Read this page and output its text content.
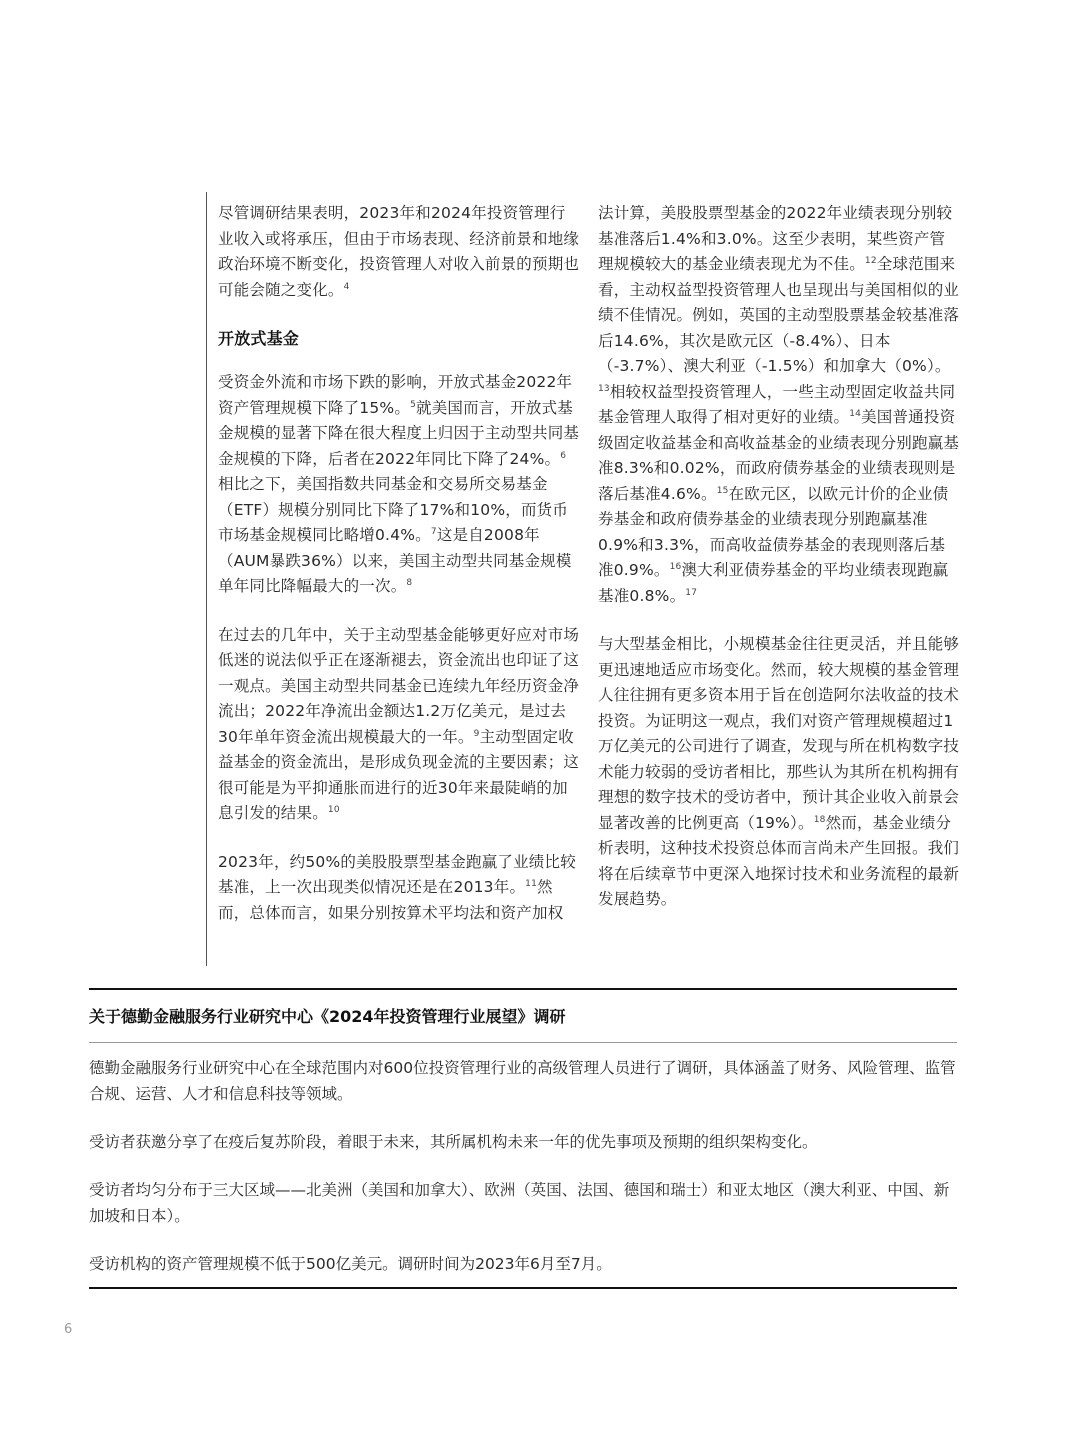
尽管调研结果表明，2023年和2024年投资管理行业收入或将承压，但由于市场表现、经济前景和地缘政治环境不断变化，投资管理人对收入前景的预期也可能会随之变化。$^4$

开放式基金

受资金外流和市场下跌的影响，开放式基金2022年资产管理规模下降了15%。$^5$就美国而言，开放式基金规模的显著下降在很大程度上归因于主动型共同基金规模的下降，后者在2022年同比下降了24%。$^6$相比之下，美国指数共同基金和交易所交易基金（ETF）规模分别同比下降了17%和10%，而货币市场基金规模同比略增0.4%。$^7$这是自2008年（AUM暴跌36%）以来，美国主动型共同基金规模单年同比降幅最大的一次。$^8$

在过去的几年中，关于主动型基金能够更好应对市场低迷的说法似乎正在逐渐褪去，资金流出也印证了这一观点。美国主动型共同基金已连续九年经历资金净流出；2022年净流出金额达1.2万亿美元，是过去30年单年资金流出规模最大的一年。$^9$主动型固定收益基金的资金流出，是形成负现金流的主要因素；这很可能是为平抑通胀而进行的近30年来最陡峭的加息引发的结果。$^{10}$

2023年，约50%的美股股票型基金跑赢了业绩比较基准，上一次出现类似情况还是在2013年。$^{11}$然而，总体而言，如果分别按算术平均法和资产加权

法计算，美股股票型基金的2022年业绩表现分别较基准落后1.4%和3.0%。这至少表明，某些资产管理规模较大的基金业绩表现尤为不佳。$^{12}$全球范围来看，主动权益型投资管理人也呈现出与美国相似的业绩不佳情况。例如，英国的主动型股票基金较基准落后14.6%，其次是欧元区（-8.4%）、日本（-3.7%）、澳大利亚（-1.5%）和加拿大（0%）。$^{13}$相较权益型投资管理人，一些主动型固定收益共同基金管理人取得了相对更好的业绩。$^{14}$美国普通投资级固定收益基金和高收益基金的业绩表现分别跑赢基准8.3%和0.02%，而政府债券基金的业绩表现则是落后基准4.6%。$^{15}$在欧元区，以欧元计价的企业债券基金和政府债券基金的业绩表现分别跑赢基准0.9%和3.3%，而高收益债券基金的表现则落后基准0.9%。$^{16}$澳大利亚债券基金的平均业绩表现跑赢基准0.8%。$^{17}$

与大型基金相比，小规模基金往往更灵活，并且能够更迅速地适应市场变化。然而，较大规模的基金管理人往往拥有更多资本用于旨在创造阿尔法收益的技术投资。为证明这一观点，我们对资产管理规模超过1万亿美元的公司进行了调查，发现与所在机构数字技术能力较弱的受访者相比，那些认为其所在机构拥有理想的数字技术的受访者中，预计其企业收入前景会显著改善的比例更高（19%）。$^{18}$然而，基金业绩分析表明，这种技术投资总体而言尚未产生回报。我们将在后续章节中更深入地探讨技术和业务流程的最新发展趋势。

关于德勤金融服务行业研究中心《2024年投资管理行业展望》调研

德勤金融服务行业研究中心在全球范围内对600位投资管理行业的高级管理人员进行了调研，具体涵盖了财务、风险管理、监管合规、运营、人才和信息科技等领域。

受访者获邀分享了在疫后复苏阶段，着眼于未来，其所属机构未来一年的优先事项及预期的组织架构变化。

受访者均匀分布于三大区域——北美洲（美国和加拿大）、欧洲（英国、法国、德国和瑞士）和亚太地区（澳大利亚、中国、新加坡和日本）。

受访机构的资产管理规模不低于500亿美元。调研时间为2023年6月至7月。

6
